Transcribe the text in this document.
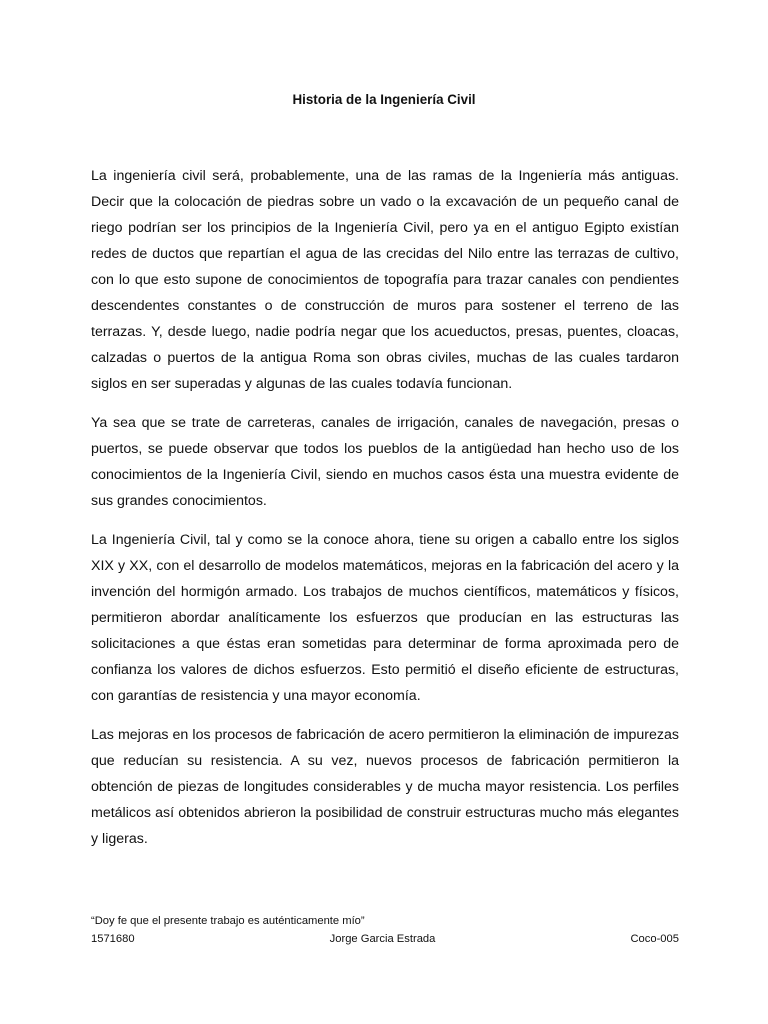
Historia de la Ingeniería Civil

La ingeniería civil será, probablemente, una de las ramas de la Ingeniería más antiguas. Decir que la colocación de piedras sobre un vado o la excavación de un pequeño canal de riego podrían ser los principios de la Ingeniería Civil, pero ya en el antiguo Egipto existían redes de ductos que repartían el agua de las crecidas del Nilo entre las terrazas de cultivo, con lo que esto supone de conocimientos de topografía para trazar canales con pendientes descendentes constantes o de construcción de muros para sostener el terreno de las terrazas. Y, desde luego, nadie podría negar que los acueductos, presas, puentes, cloacas, calzadas o puertos de la antigua Roma son obras civiles, muchas de las cuales tardaron siglos en ser superadas y algunas de las cuales todavía funcionan.

Ya sea que se trate de carreteras, canales de irrigación, canales de navegación, presas o puertos, se puede observar que todos los pueblos de la antigüedad han hecho uso de los conocimientos de la Ingeniería Civil, siendo en muchos casos ésta una muestra evidente de sus grandes conocimientos.

La Ingeniería Civil, tal y como se la conoce ahora, tiene su origen a caballo entre los siglos XIX y XX, con el desarrollo de modelos matemáticos, mejoras en la fabricación del acero y la invención del hormigón armado. Los trabajos de muchos científicos, matemáticos y físicos, permitieron abordar analíticamente los esfuerzos que producían en las estructuras las solicitaciones a que éstas eran sometidas para determinar de forma aproximada pero de confianza los valores de dichos esfuerzos. Esto permitió el diseño eficiente de estructuras, con garantías de resistencia y una mayor economía.

Las mejoras en los procesos de fabricación de acero permitieron la eliminación de impurezas que reducían su resistencia. A su vez, nuevos procesos de fabricación permitieron la obtención de piezas de longitudes considerables y de mucha mayor resistencia. Los perfiles metálicos así obtenidos abrieron la posibilidad de construir estructuras mucho más elegantes y ligeras.

“Doy fe que el presente trabajo es auténticamente mío”
1571680	Jorge Garcia Estrada	Coco-005
